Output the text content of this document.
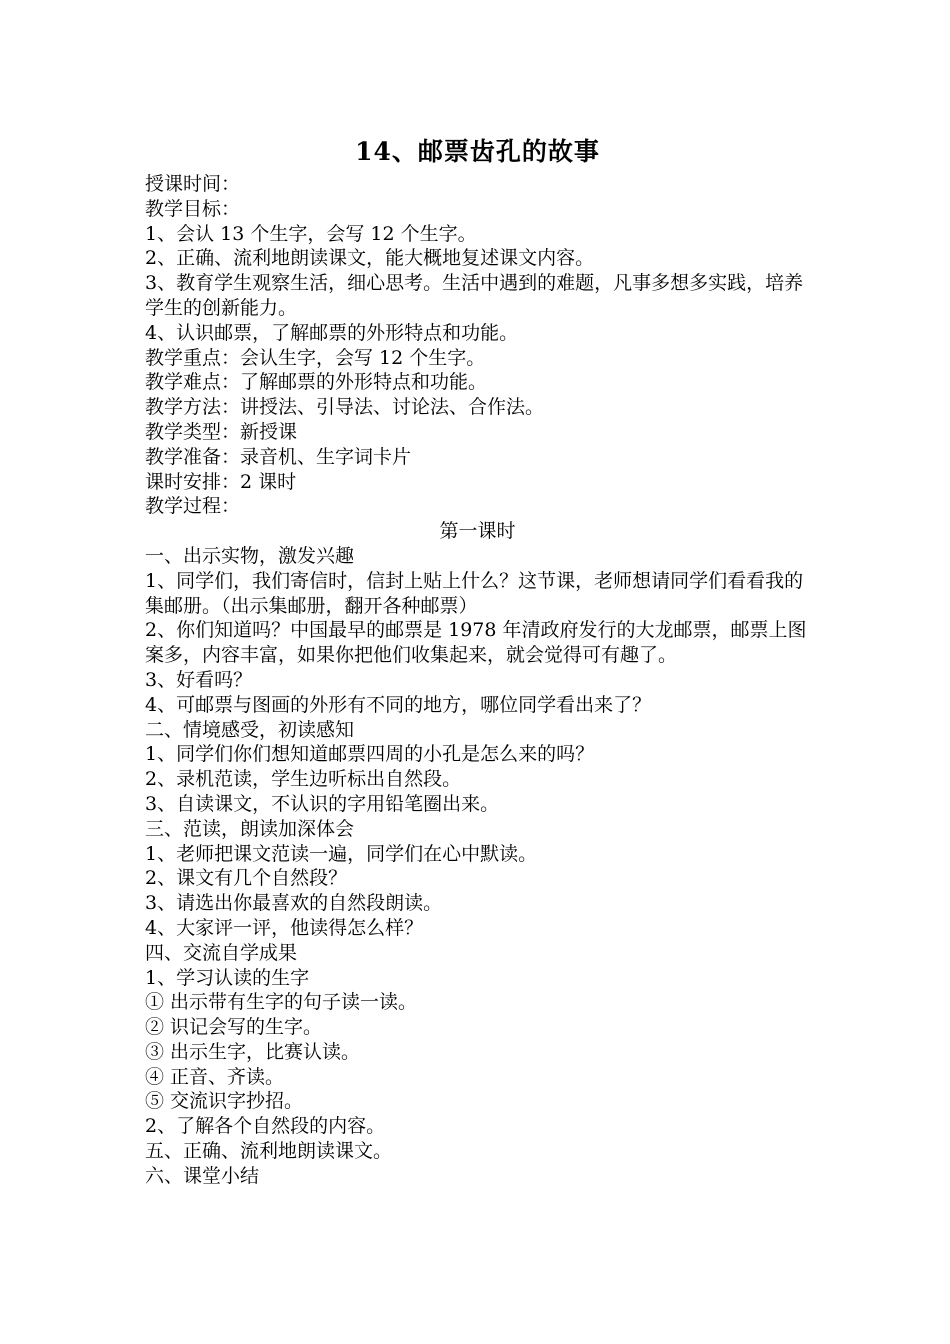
14、邮票齿孔的故事

授课时间：

教学目标：

1、会认 13 个生字，会写 12 个生字。

2、正确、流利地朗读课文，能大概地复述课文内容。

3、教育学生观察生活，细心思考。生活中遇到的难题，凡事多想多实践，培养学生的创新能力。

4、认识邮票，了解邮票的外形特点和功能。

教学重点：会认生字，会写 12 个生字。

教学难点：了解邮票的外形特点和功能。

教学方法：讲授法、引导法、讨论法、合作法。

教学类型：新授课

教学准备：录音机、生字词卡片

课时安排：2 课时

教学过程：

第一课时

一、出示实物，激发兴趣

1、同学们，我们寄信时，信封上贴上什么？这节课，老师想请同学们看看我的集邮册。（出示集邮册，翻开各种邮票）

2、你们知道吗？中国最早的邮票是 1978 年清政府发行的大龙邮票，邮票上图案多，内容丰富，如果你把他们收集起来，就会觉得可有趣了。

3、好看吗？

4、可邮票与图画的外形有不同的地方，哪位同学看出来了？

二、情境感受，初读感知

1、同学们你们想知道邮票四周的小孔是怎么来的吗？

2、录机范读，学生边听标出自然段。

3、自读课文，不认识的字用铅笔圈出来。

三、范读，朗读加深体会

1、老师把课文范读一遍，同学们在心中默读。

2、课文有几个自然段？

3、请选出你最喜欢的自然段朗读。

4、大家评一评，他读得怎么样？

四、交流自学成果

1、学习认读的生字

① 出示带有生字的句子读一读。

② 识记会写的生字。

③ 出示生字，比赛认读。

④ 正音、齐读。

⑤ 交流识字抄招。

2、了解各个自然段的内容。

五、正确、流利地朗读课文。

六、课堂小结
